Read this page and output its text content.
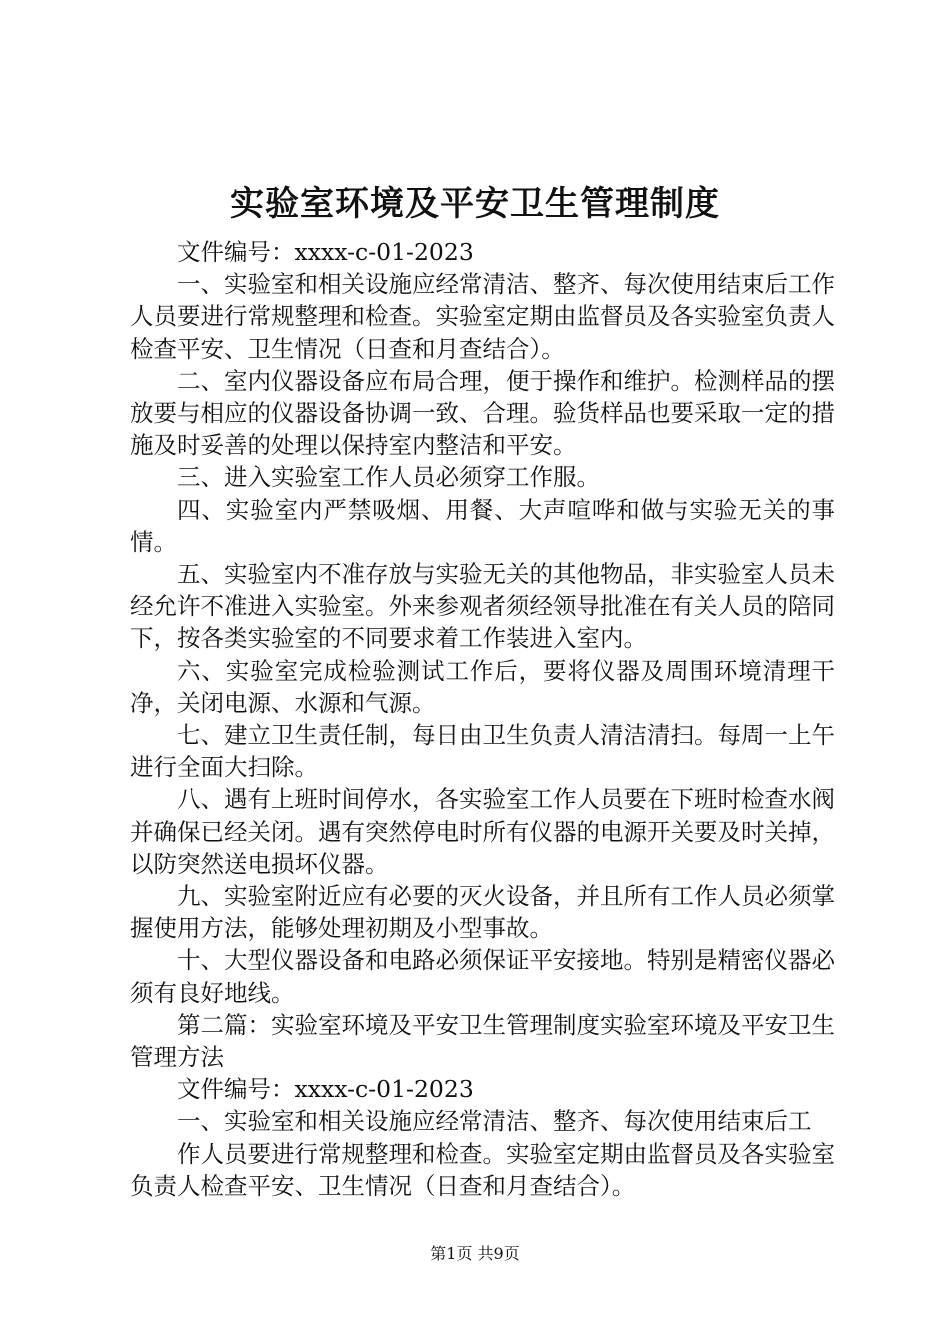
实验室环境及平安卫生管理制度

文件编号：xxxx-c-01-2023

一、实验室和相关设施应经常清洁、整齐、每次使用结束后工作人员要进行常规整理和检查。实验室定期由监督员及各实验室负责人检查平安、卫生情况（日查和月查结合）。

二、室内仪器设备应布局合理，便于操作和维护。检测样品的摆放要与相应的仪器设备协调一致、合理。验货样品也要采取一定的措施及时妥善的处理以保持室内整洁和平安。

三、进入实验室工作人员必须穿工作服。

四、实验室内严禁吸烟、用餐、大声喧哗和做与实验无关的事情。

五、实验室内不准存放与实验无关的其他物品，非实验室人员未经允许不准进入实验室。外来参观者须经领导批准在有关人员的陪同下，按各类实验室的不同要求着工作装进入室内。

六、实验室完成检验测试工作后，要将仪器及周围环境清理干净，关闭电源、水源和气源。

七、建立卫生责任制，每日由卫生负责人清洁清扫。每周一上午进行全面大扫除。

八、遇有上班时间停水，各实验室工作人员要在下班时检查水阀并确保已经关闭。遇有突然停电时所有仪器的电源开关要及时关掉，以防突然送电损坏仪器。

九、实验室附近应有必要的灭火设备，并且所有工作人员必须掌握使用方法，能够处理初期及小型事故。

十、大型仪器设备和电路必须保证平安接地。特别是精密仪器必须有良好地线。

第二篇：实验室环境及平安卫生管理制度实验室环境及平安卫生管理方法

文件编号：xxxx-c-01-2023

一、实验室和相关设施应经常清洁、整齐、每次使用结束后工

作人员要进行常规整理和检查。实验室定期由监督员及各实验室负责人检查平安、卫生情况（日查和月查结合）。

第1页 共9页
